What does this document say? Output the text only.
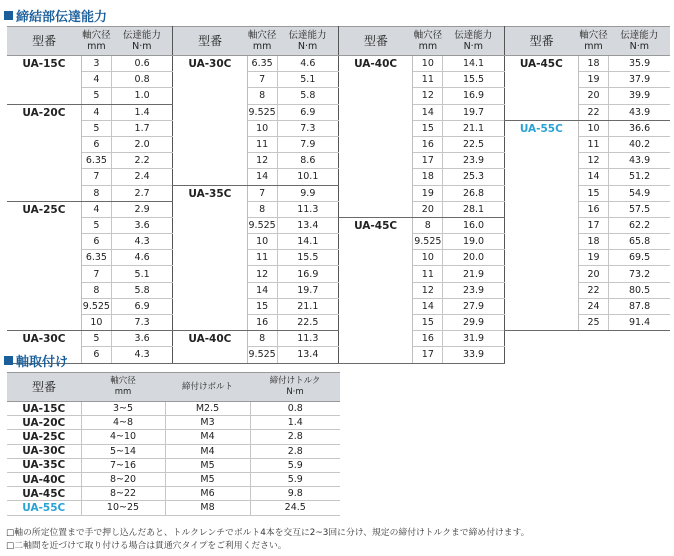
締結部伝達能力
型番	軸穴径
mm	伝達能力
N·m	型番	軸穴径
mm	伝達能力
N·m	型番	軸穴径
mm	伝達能力
N·m	型番	軸穴径
mm	伝達能力
N·m
UA-15C	3	0.6	UA-30C	6.35	4.6	UA-40C	10	14.1	UA-45C	18	35.9
	4	0.8		7	5.1		11	15.5		19	37.9
	5	1.0		8	5.8		12	16.9		20	39.9
UA-20C	4	1.4		9.525	6.9		14	19.7		22	43.9
	5	1.7		10	7.3		15	21.1	UA-55C	10	36.6
	6	2.0		11	7.9		16	22.5		11	40.2
	6.35	2.2		12	8.6		17	23.9		12	43.9
	7	2.4		14	10.1		18	25.3		14	51.2
	8	2.7	UA-35C	7	9.9		19	26.8		15	54.9
UA-25C	4	2.9		8	11.3		20	28.1		16	57.5
	5	3.6		9.525	13.4	UA-45C	8	16.0		17	62.2
	6	4.3		10	14.1		9.525	19.0		18	65.8
	6.35	4.6		11	15.5		10	20.0		19	69.5
	7	5.1		12	16.9		11	21.9		20	73.2
	8	5.8		14	19.7		12	23.9		22	80.5
	9.525	6.9		15	21.1		14	27.9		24	87.8
	10	7.3		16	22.5		15	29.9		25	91.4
UA-30C	5	3.6	UA-40C	8	11.3		16	31.9			
	6	4.3		9.525	13.4		17	33.9			
軸取付け
型番	軸穴径
mm	締付けボルト	締付けトルク
N·m
UA-15C	3~5	M2.5	0.8
UA-20C	4~8	M3	1.4
UA-25C	4~10	M4	2.8
UA-30C	5~14	M4	2.8
UA-35C	7~16	M5	5.9
UA-40C	8~20	M5	5.9
UA-45C	8~22	M6	9.8
UA-55C	10~25	M8	24.5
□軸の所定位置まで手で押し込んだあと、トルクレンチでボルト4本を交互に2~3回に分け、規定の締付けトルクまで締め付けます。
□二軸間を近づけて取り付ける場合は貫通穴タイプをご利用ください。
